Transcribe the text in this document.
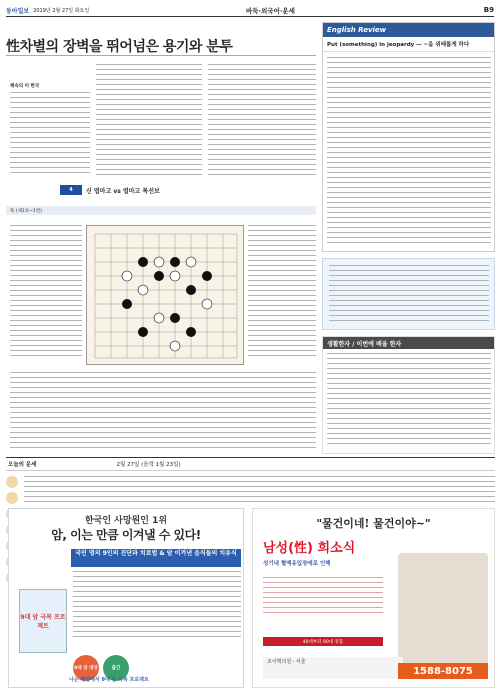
동아일보 2019년 2월 27일 화요일	바둑·외국어·운세	B9
性차별의 장벽을 뛰어넘은 용기와 분투
해숙의 미 한국
4	신 엽마고 vs 엽마고 특선보
흑 (제1보~1번)
English Review
Put (something) in jeopardy — ~을 위태롭게 하다
생활한자 / 이번에 배울 한자
오늘의 운세	2월 27일 (음력 1월 23일)
한국인 사망원인 1위
암, 이는 만큼 이겨낼 수 있다!
국민 명의 9인의 진단과 치료법 & 암 이겨낸 음식들의 치유식
9대 암 극복 프로젝트
9대 암 대상	출간
나는 췌장에서 9대 암 극복 프로젝트
"물건이네! 물건이야~"
남성(性) 희소식
성기내 혈액유입장애로 인해
40대부터 80대 정품
조이맥의원 · 서울
1588-8075
